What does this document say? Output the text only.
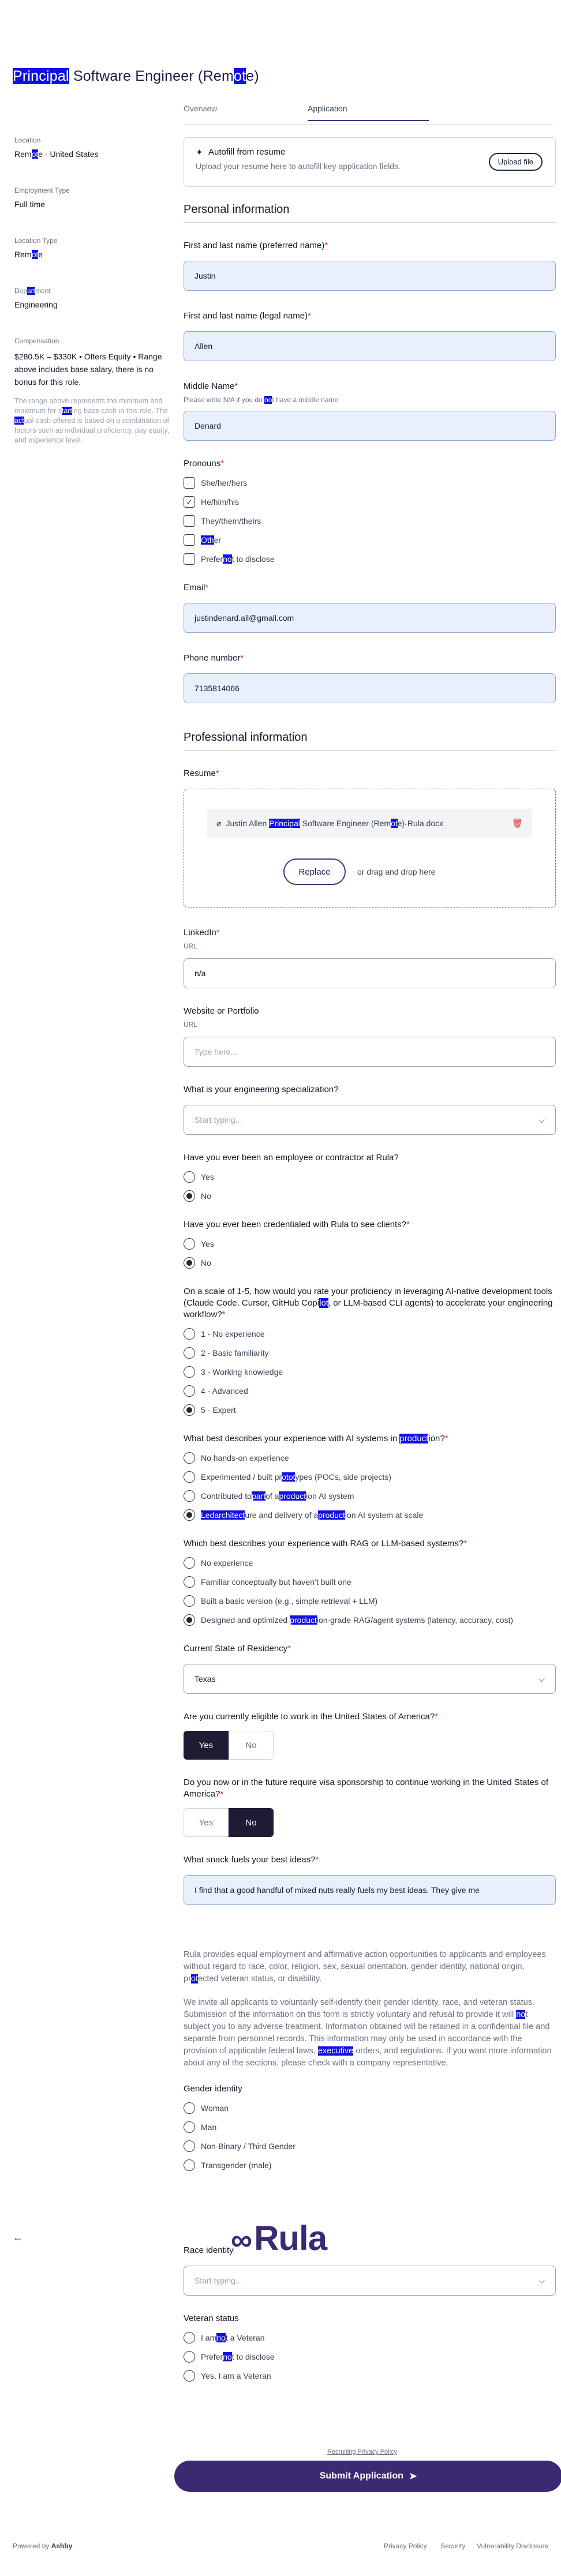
Principal Software Engineer (Remote)
Location
Remote - United States
Employment Type
Full time
Location Type
Remote
Department
Engineering
Compensation
$280.5K – $330K • Offers Equity • Range above includes base salary, there is no bonus for this role.
The range above represents the minimum and maximum for starting base cash in this role. The actual cash offered is based on a combination of factors such as individual proficiency, pay equity, and experience level.
Overview	Application
✦ Autofill from resume
Upload your resume here to autofill key application fields.	Upload file
Personal information
First and last name (preferred name)*
Justin
First and last name (legal name)*
Allen
Middle Name*
Please write N/A if you do not have a middle name
Denard
Pronouns*
She/her/hers
✓ He/him/his
They/them/theirs
Oth er
Prefer no t to disclose
Email*
justindenard.all@gmail.com
Phone number*
7135814066
Professional information
Resume*
⌀ Justin Allen Principal Software Engineer (Remote)-Rula.docx	🗑
Replace	or drag and drop here
LinkedIn*
URL
n/a
Website or Portfolio
URL
Type here...
What is your engineering specialization?
Start typing...	⌵
Have you ever been an employee or contractor at Rula?
Yes
No
Have you ever been credentialed with Rula to see clients?*
Yes
No
On a scale of 1-5, how would you rate your proficiency in leveraging AI-native development tools (Claude Code, Cursor, GitHub Copilot, or LLM-based CLI agents) to accelerate your engineering workflow?*
1 - No experience
2 - Basic familiarity
3 - Working knowledge
4 - Advanced
5 - Expert
What best describes your experience with AI systems in production?*
No hands-on experience
Experimented / built pr otot ypes (POCs, side projects)
Contributed to part of a product ion AI system
Led architect ure and delivery of a product ion AI system at scale
Which best describes your experience with RAG or LLM-based systems?*
No experience
Familiar conceptually but haven’t built one
Built a basic version (e.g., simple retrieval + LLM)
Designed and optimized production-grade RAG/agent systems (latency, accuracy, cost)
Current State of Residency*
Texas	⌵
Are you currently eligible to work in the United States of America?*
Yes	No
Do you now or in the future require visa sponsorship to continue working in the United States of America?*
Yes	No
What snack fuels your best ideas?*
I find that a good handful of mixed nuts really fuels my best ideas. They give me

Rula provides equal employment and affirmative action opportunities to applicants and employees without regard to race, color, religion, sex, sexual orientation, gender identity, national origin, protected veteran status, or disability.

We invite all applicants to voluntarily self-identify their gender identity, race, and veteran status. Submission of the information on this form is strictly voluntary and refusal to provide it will not subject you to any adverse treatment. Information obtained will be retained in a confidential file and separate from personnel records. This information may only be used in accordance with the provision of applicable federal laws, executive orders, and regulations. If you want more information about any of the sections, please check with a company representative.

Gender identity
Woman
Man
Non-Binary / Third Gender
Transgender (male)
Race identity
Start typing...	⌵
Veteran status
I am no t a Veteran
Prefer no t to disclose
Yes, I am a Veteran
←	∞Rula
Recruiting Privacy Policy
Submit Application ➤
Powered by Ashby	Privacy Policy Security Vulnerability Disclosure
